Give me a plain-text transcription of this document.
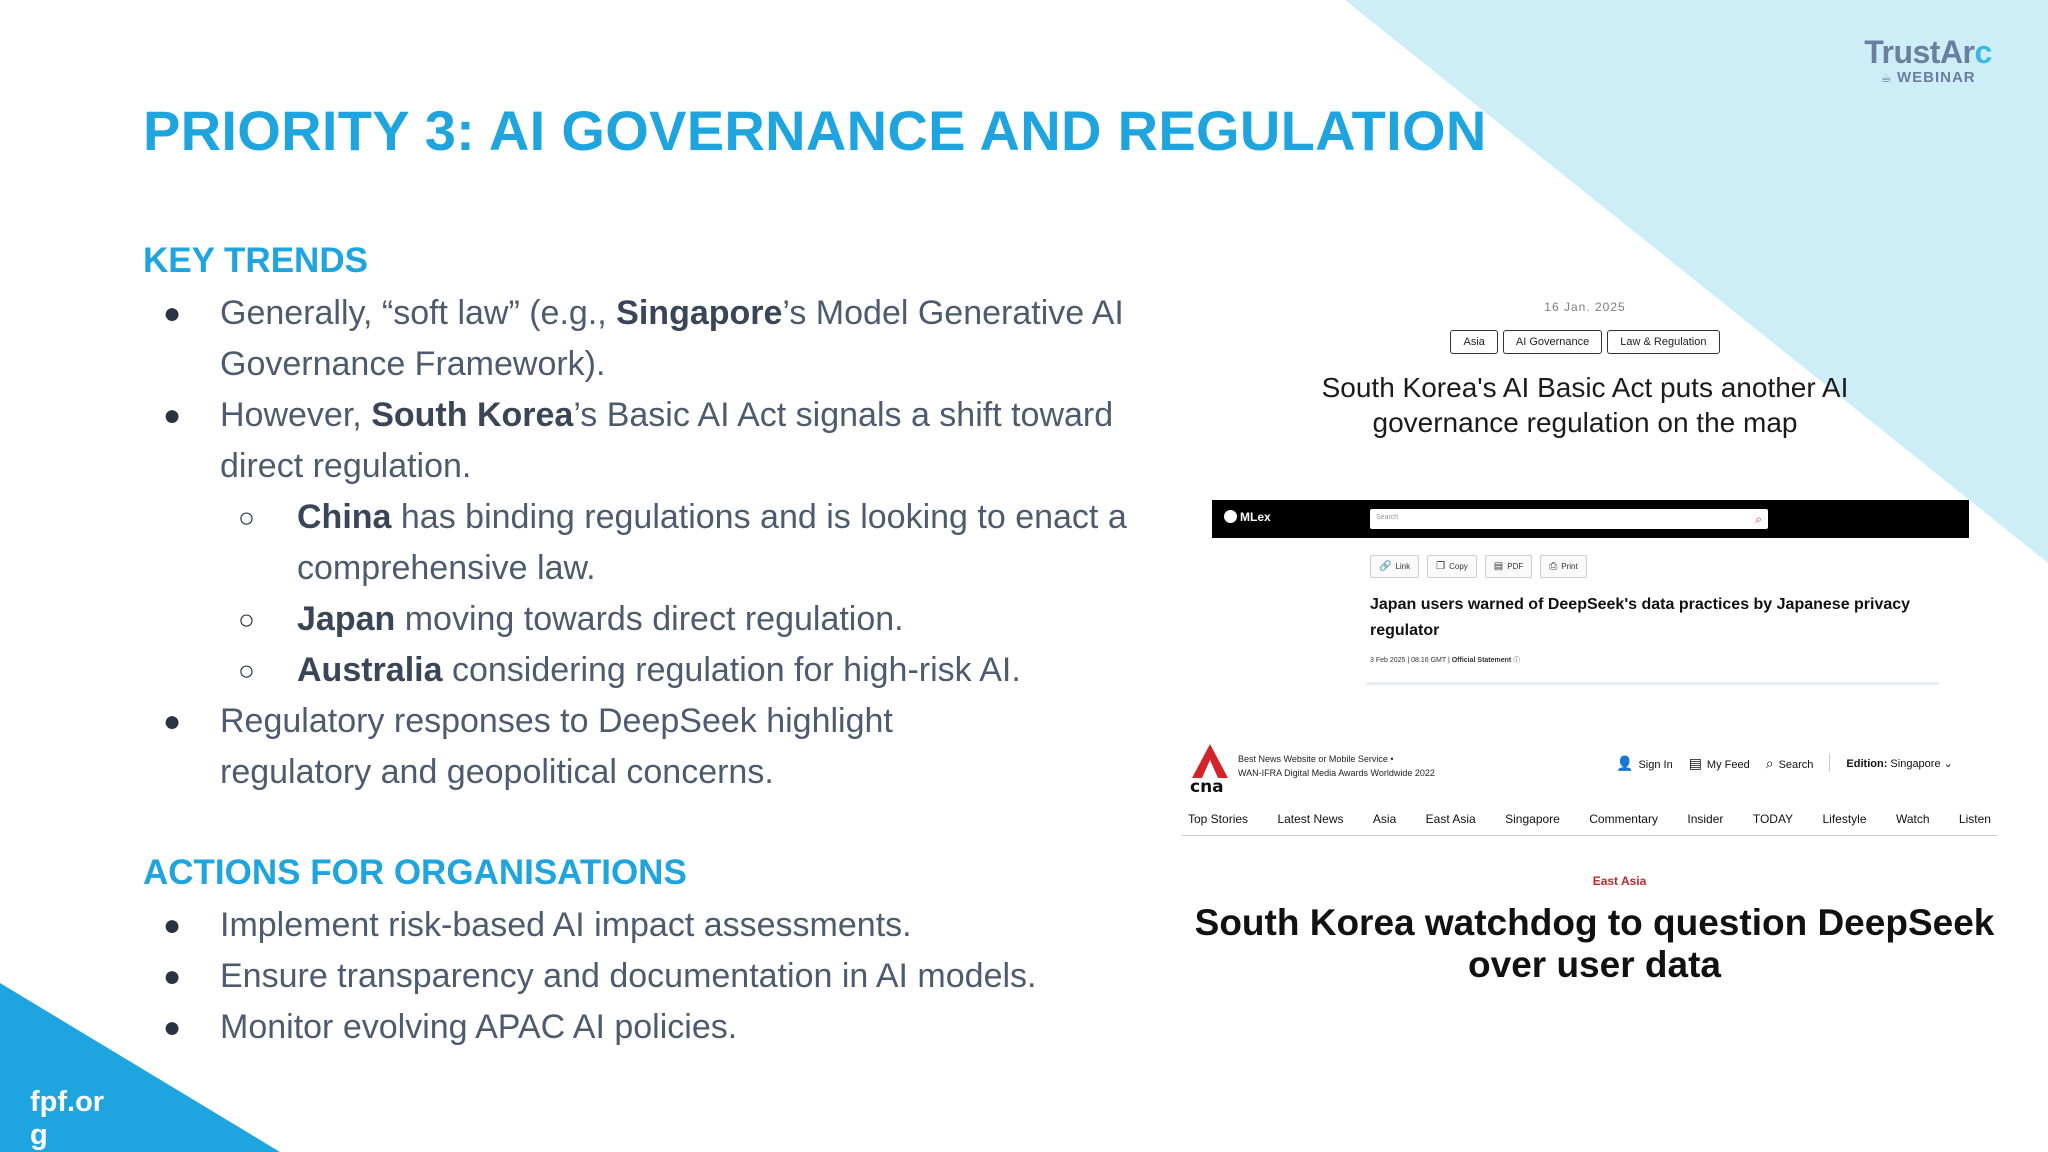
TrustArc
☕ WEBINAR
PRIORITY 3: AI GOVERNANCE AND REGULATION
KEY TRENDS
● Generally, “soft law” (e.g., Singapore’s Model Generative AI Governance Framework).
● However, South Korea’s Basic AI Act signals a shift toward direct regulation.
○ China has binding regulations and is looking to enact a comprehensive law.
○ Japan moving towards direct regulation.
○ Australia considering regulation for high-risk AI.
● Regulatory responses to DeepSeek highlight regulatory and geopolitical concerns.
ACTIONS FOR ORGANISATIONS
● Implement risk-based AI impact assessments.
● Ensure transparency and documentation in AI models.
● Monitor evolving APAC AI policies.
16 Jan. 2025
Asia	AI Governance	Law & Regulation
South Korea's AI Basic Act puts another AI governance regulation on the map
MLex	Search	⌕
🔗 Link	❐ Copy	▤ PDF	⎙ Print
Japan users warned of DeepSeek's data practices by Japanese privacy regulator
3 Feb 2025 | 08:16 GMT | Official Statement ⓘ
cna
Best News Website or Mobile Service •
WAN-IFRA Digital Media Awards Worldwide 2022
👤 Sign In ▤ My Feed ⌕ Search	Edition: Singapore ⌄
Top Stories Latest News Asia East Asia Singapore Commentary Insider TODAY Lifestyle Watch Listen
East Asia
South Korea watchdog to question DeepSeek over user data
fpf.org
